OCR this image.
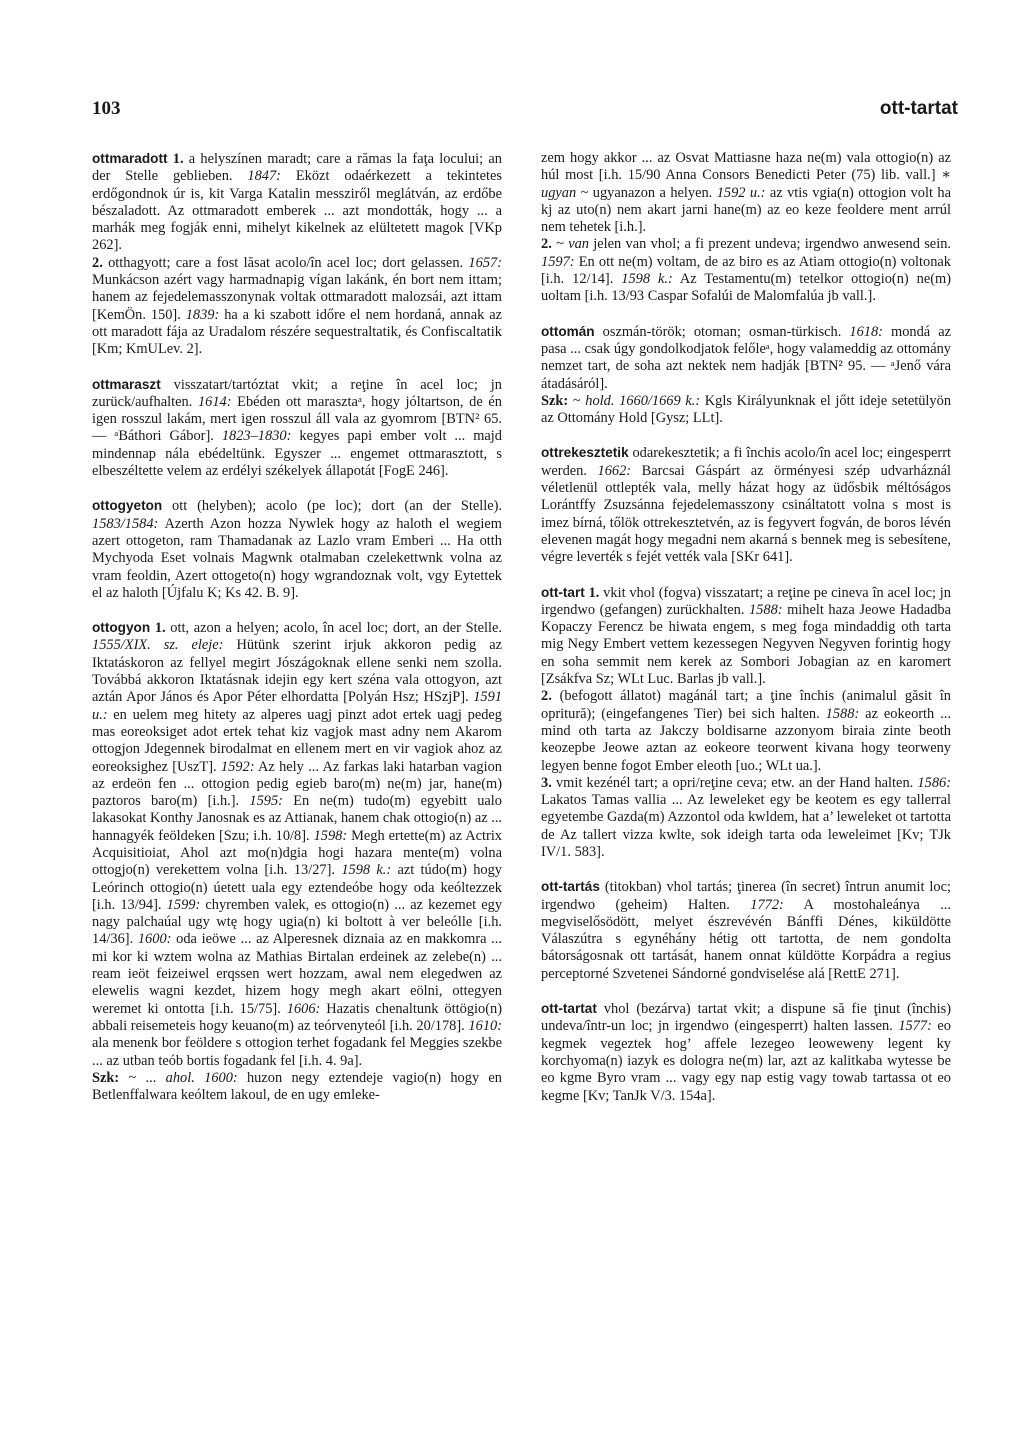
103	ott-tartat

ottmaradott 1. a helyszínen maradt; care a rămas la faţa locului; an der Stelle geblieben. 1847: Eközt odaérkezett a tekintetes erdőgondnok úr is, kit Varga Katalin messziről meglátván, az erdőbe bészaladott. Az ottmaradott emberek ... azt mondották, hogy ... a marhák meg fogják enni, mihelyt kikelnek az elültetett magok [VKp 262].

2. otthagyott; care a fost lăsat acolo/în acel loc; dort gelassen. 1657: Munkácson azért vagy harmadnapig vígan lakánk, én bort nem ittam; hanem az fejedelemasszonynak voltak ottmaradott malozsái, azt ittam [KemÖn. 150]. 1839: ha a ki szabott időre el nem hordaná, annak az ott maradott fája az Uradalom részére sequestraltatik, és Confiscaltatik [Km; KmULev. 2].

ottmaraszt visszatart/tartóztat vkit; a reţine în acel loc; jn zurück/aufhalten. 1614: Ebéden ott marasztaᵃ, hogy jóltartson, de én igen rosszul lakám, mert igen rosszul áll vala az gyomrom [BTN² 65. — ᵃBáthori Gábor]. 1823–1830: kegyes papi ember volt ... majd mindennap nála ebédeltünk. Egyszer ... engemet ottmarasztott, s elbeszéltette velem az erdélyi székelyek állapotát [FogE 246].

ottogyeton ott (helyben); acolo (pe loc); dort (an der Stelle). 1583/1584: Azerth Azon hozza Nywlek hogy az haloth el wegiem azert ottogeton, ram Thamadanak az Lazlo vram Emberi ... Ha otth Mychyoda Eset volnais Magwnk otalmaban czelekettwnk volna az vram feoldin, Azert ottogeto(n) hogy wgrandoznak volt, vgy Eytettek el az haloth [Újfalu K; Ks 42. B. 9].

ottogyon 1. ott, azon a helyen; acolo, în acel loc; dort, an der Stelle. 1555/XIX. sz. eleje: Hütünk szerint irjuk akkoron pedig az Iktatáskoron az fellyel megirt Jószágoknak ellene senki nem szolla. Továbbá akkoron Iktatásnak idejin egy kert széna vala ottogyon, azt aztán Apor János és Apor Péter elhordatta [Polyán Hsz; HSzjP]. 1591 u.: en uelem meg hitety az alperes uagj pinzt adot ertek uagj pedeg mas eoreoksiget adot ertek tehat kiz vagjok mast adny nem Akarom ottogjon Jdegennek birodalmat en ellenem mert en vir vagiok ahoz az eoreoksighez [UszT]. 1592: Az hely ... Az farkas laki hatarban vagion az erdeön fen ... ottogion pedig egieb baro(m) ne(m) jar, hane(m) paztoros baro(m) [i.h.]. 1595: En ne(m) tudo(m) egyebitt ualo lakasokat Konthy Janosnak es az Attianak, hanem chak ottogio(n) az ... hannagyék feöldeken [Szu; i.h. 10/8]. 1598: Megh ertette(m) az Actrix Acquisitioiat, Ahol azt mo(n)dgia hogi hazara mente(m) volna ottogjo(n) verekettem volna [i.h. 13/27]. 1598 k.: azt túdo(m) hogy Leórinch ottogio(n) úetett uala egy eztendeóbe hogy oda keóltezzek [i.h. 13/94]. 1599: chyremben valek, es ottogio(n) ... az kezemet egy nagy palchaúal ugy wtę hogy ugia(n) ki boltott à ver beleólle [i.h. 14/36]. 1600: oda ieöwe ... az Alperesnek diznaia az en makkomra ... mi kor ki wztem wolna az Mathias Birtalan erdeinek az zelebe(n) ... ream ieöt feizeiwel erqssen wert hozzam, awal nem elegedwen az elewelis wagni kezdet, hizem hogy megh akart eölni, ottegyen weremet ki ontotta [i.h. 15/75]. 1606: Hazatis chenaltunk öttögio(n) abbali reisemeteis hogy keuano(m) az teórvenyteól [i.h. 20/178]. 1610: ala menenk bor feöldere s ottogion terhet fogadank fel Meggies szekbe ... az utban teób bortis fogadank fel [i.h. 4. 9a].

Szk: ~ ... ahol. 1600: huzon negy eztendeje vagio(n) hogy en Betlenffalwara keóltem lakoul, de en ugy emleke-

zem hogy akkor ... az Osvat Mattiasne haza ne(m) vala ottogio(n) az húl most [i.h. 15/90 Anna Consors Benedicti Peter (75) lib. vall.] ∗ ugyan ~ ugyanazon a helyen. 1592 u.: az vtis vgia(n) ottogion volt ha kj az uto(n) nem akart jarni hane(m) az eo keze feoldere ment arrúl nem tehetek [i.h.].

2. ~ van jelen van vhol; a fi prezent undeva; irgendwo anwesend sein. 1597: En ott ne(m) voltam, de az biro es az Atiam ottogio(n) voltonak [i.h. 12/14]. 1598 k.: Az Testamentu(m) tetelkor ottogio(n) ne(m) uoltam [i.h. 13/93 Caspar Sofalúi de Malomfalúa jb vall.].

ottomán oszmán-török; otoman; osman-türkisch. 1618: mondá az pasa ... csak úgy gondolkodjatok felőleᵃ, hogy valameddig az ottomány nemzet tart, de soha azt nektek nem hadják [BTN² 95. — ᵃJenő vára átadásáról].

Szk: ~ hold. 1660/1669 k.: Kgls Királyunknak el jőtt ideje setetülyön az Ottomány Hold [Gysz; LLt].

ottrekesztetik odarekesztetik; a fi închis acolo/în acel loc; eingesperrt werden. 1662: Barcsai Gáspárt az örményesi szép udvarháznál véletlenül ottlepték vala, melly házat hogy az üdősbik méltóságos Lorántffy Zsuzsánna fejedelemasszony csináltatott volna s most is imez bírná, tőlök ottrekesztetvén, az is fegyvert fogván, de boros lévén elevenen magát hogy megadni nem akarná s bennek meg is sebesítene, végre leverték s fejét vették vala [SKr 641].

ott-tart 1. vkit vhol (fogva) visszatart; a reţine pe cineva în acel loc; jn irgendwo (gefangen) zurückhalten. 1588: mihelt haza Jeowe Hadadba Kopaczy Ferencz be hiwata engem, s meg foga mindaddig oth tarta mig Negy Embert vettem kezessegen Negyven Negyven forintig hogy en soha semmit nem kerek az Sombori Jobagian az en karomert [Zsákfva Sz; WLt Luc. Barlas jb vall.].

2. (befogott állatot) magánál tart; a ţine închis (animalul găsit în opritură); (eingefangenes Tier) bei sich halten. 1588: az eokeorth ... mind oth tarta az Jakczy boldisarne azzonyom biraia zinte beoth keozepbe Jeowe aztan az eokeore teorwent kivana hogy teorweny legyen benne fogot Ember eleoth [uo.; WLt ua.].

3. vmit kezénél tart; a opri/reţine ceva; etw. an der Hand halten. 1586: Lakatos Tamas vallia ... Az leweleket egy be keotem es egy tallerral egyetembe Gazda(m) Azzontol oda kwldem, hat a’ leweleket ot tartotta de Az tallert vizza kwlte, sok ideigh tarta oda leweleimet [Kv; TJk IV/1. 583].

ott-tartás (titokban) vhol tartás; ţinerea (în secret) întrun anumit loc; irgendwo (geheim) Halten. 1772: A mostohaleánya ... megviselősödött, melyet észrevévén Bánffi Dénes, kiküldötte Válaszútra s egynéhány hétig ott tartotta, de nem gondolta bátorságosnak ott tartását, hanem onnat küldötte Korpádra a regius perceptorné Szvetenei Sándorné gondviselése alá [RettE 271].

ott-tartat vhol (bezárva) tartat vkit; a dispune să fie ţinut (închis) undeva/într-un loc; jn irgendwo (eingesperrt) halten lassen. 1577: eo kegmek vegeztek hog’ affele lezegeo leoweweny legent ky korchyoma(n) iazyk es dologra ne(m) lar, azt az kalitkaba wytesse be eo kgme Byro vram ... vagy egy nap estig vagy towab tartassa ot eo kegme [Kv; TanJk V/3. 154a].
